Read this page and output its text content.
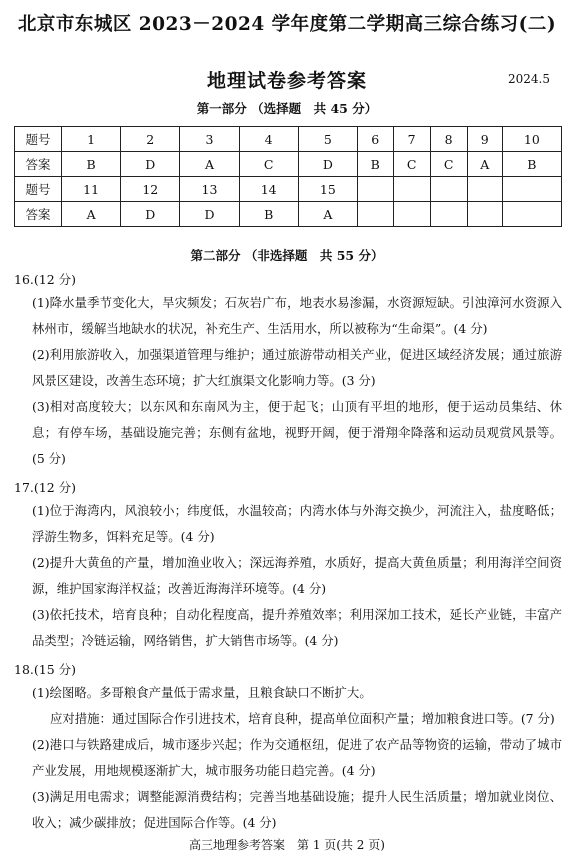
北京市东城区 2023－2024 学年度第二学期高三综合练习(二)
地理试卷参考答案	2024.5
第一部分 （选择题　共 45 分）
题号	1	2	3	4	5	6	7	8	9	10
答案	B	D	A	C	D	B	C	C	A	B
题号	11	12	13	14	15					
答案	A	D	D	B	A					
第二部分 （非选择题　共 55 分）
16.(12 分)
(1)降水量季节变化大，旱灾频发；石灰岩广布，地表水易渗漏，水资源短缺。引浊漳河水资源入林州市，缓解当地缺水的状况，补充生产、生活用水，所以被称为“生命渠”。(4 分)
(2)利用旅游收入，加强渠道管理与维护；通过旅游带动相关产业，促进区域经济发展；通过旅游风景区建设，改善生态环境；扩大红旗渠文化影响力等。(3 分)
(3)相对高度较大；以东风和东南风为主，便于起飞；山顶有平坦的地形，便于运动员集结、休息；有停车场，基础设施完善；东侧有盆地，视野开阔，便于滑翔伞降落和运动员观赏风景等。(5 分)
17.(12 分)
(1)位于海湾内，风浪较小；纬度低，水温较高；内湾水体与外海交换少，河流注入，盐度略低；浮游生物多，饵料充足等。(4 分)
(2)提升大黄鱼的产量，增加渔业收入；深远海养殖，水质好，提高大黄鱼质量；利用海洋空间资源，维护国家海洋权益；改善近海海洋环境等。(4 分)
(3)依托技术，培育良种；自动化程度高，提升养殖效率；利用深加工技术，延长产业链，丰富产品类型；冷链运输，网络销售，扩大销售市场等。(4 分)
18.(15 分)
(1)绘图略。多哥粮食产量低于需求量，且粮食缺口不断扩大。
应对措施：通过国际合作引进技术，培育良种，提高单位面积产量；增加粮食进口等。(7 分)
(2)港口与铁路建成后，城市逐步兴起；作为交通枢纽，促进了农产品等物资的运输，带动了城市产业发展，用地规模逐渐扩大，城市服务功能日趋完善。(4 分)
(3)满足用电需求；调整能源消费结构；完善当地基础设施；提升人民生活质量；增加就业岗位、收入；减少碳排放；促进国际合作等。(4 分)
高三地理参考答案　第 1 页(共 2 页)
